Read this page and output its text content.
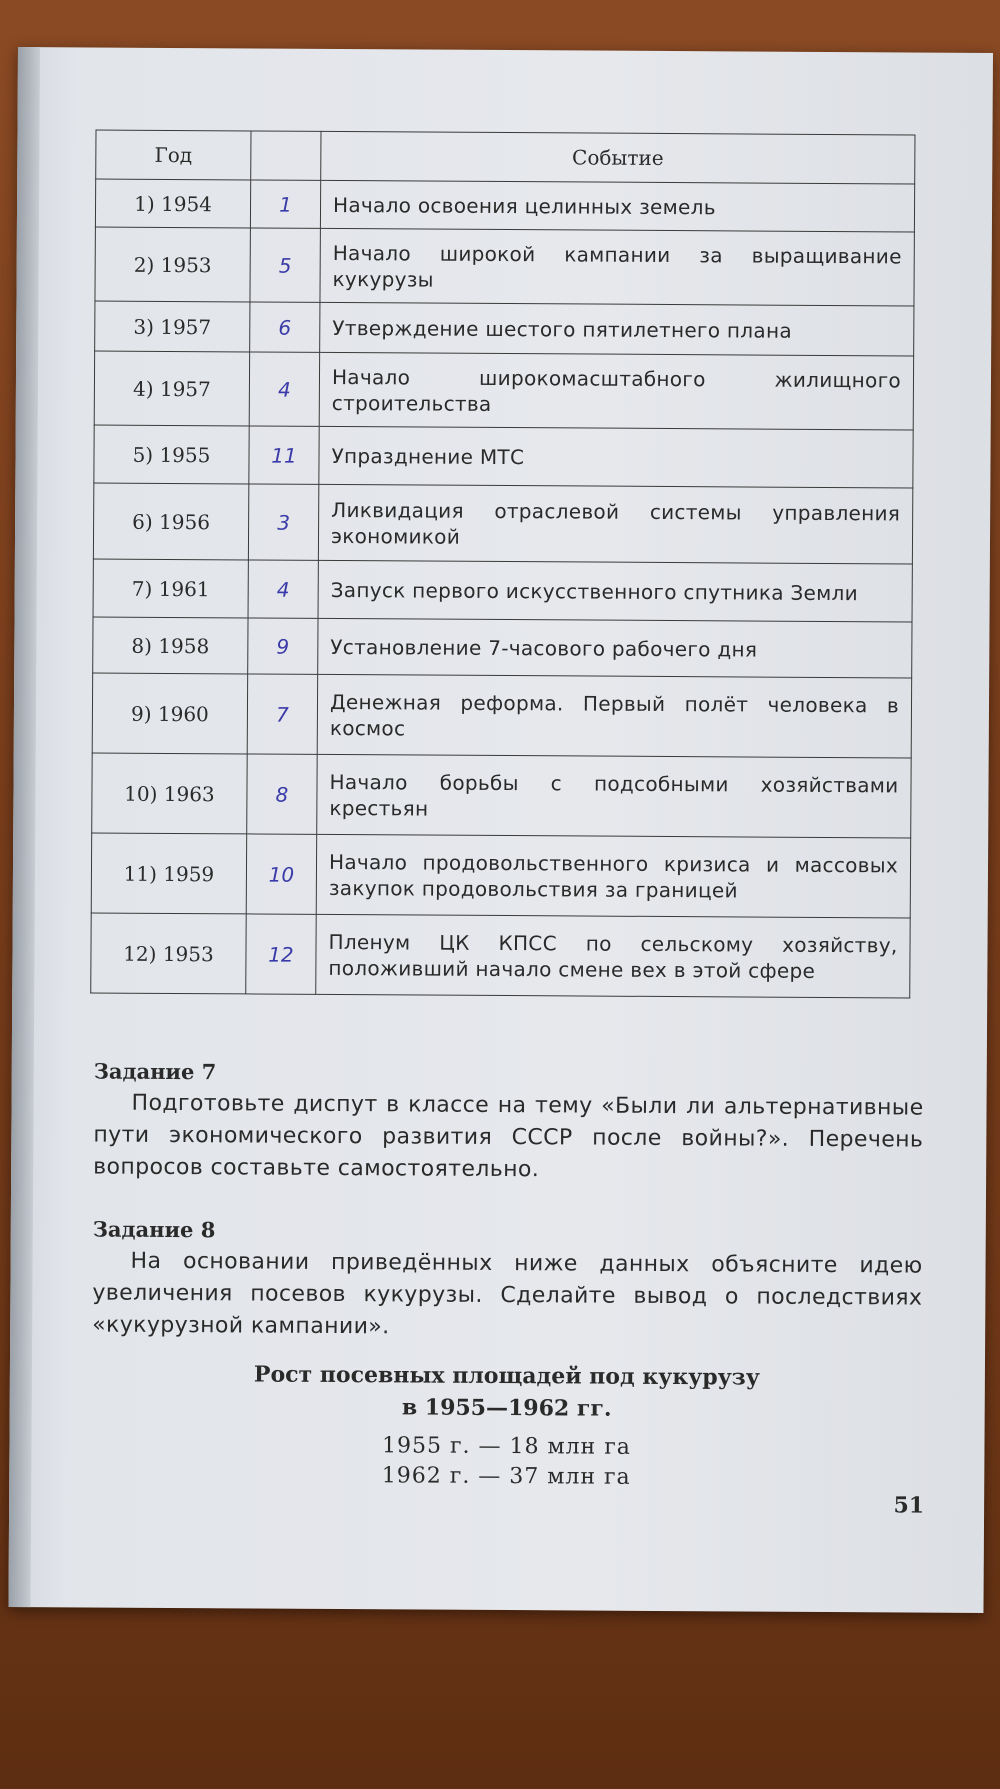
Год		Событие
1) 1954	1	Начало освоения целинных земель
2) 1953	5	Начало широкой кампании за выращивание кукурузы
3) 1957	6	Утверждение шестого пятилетнего плана
4) 1957	4	Начало широкомасштабного жилищного строительства
5) 1955	11	Упразднение МТС
6) 1956	3	Ликвидация отраслевой системы управления экономикой
7) 1961	4	Запуск первого искусственного спутника Земли
8) 1958	9	Установление 7-часового рабочего дня
9) 1960	7	Денежная реформа. Первый полёт человека в космос
10) 1963	8	Начало борьбы с подсобными хозяйствами крестьян
11) 1959	10	Начало продовольственного кризиса и массовых закупок продовольствия за границей
12) 1953	12	Пленум ЦК КПСС по сельскому хозяйству, положивший начало смене вех в этой сфере
Задание 7
Подготовьте диспут в классе на тему «Были ли альтернативные пути экономического развития СССР после войны?». Перечень вопросов составьте самостоятельно.
Задание 8
На основании приведённых ниже данных объясните идею увеличения посевов кукурузы. Сделайте вывод о последствиях «кукурузной кампании».
Рост посевных площадей под кукурузу
в 1955—1962 гг.
1955 г. — 18 млн га
1962 г. — 37 млн га
51
